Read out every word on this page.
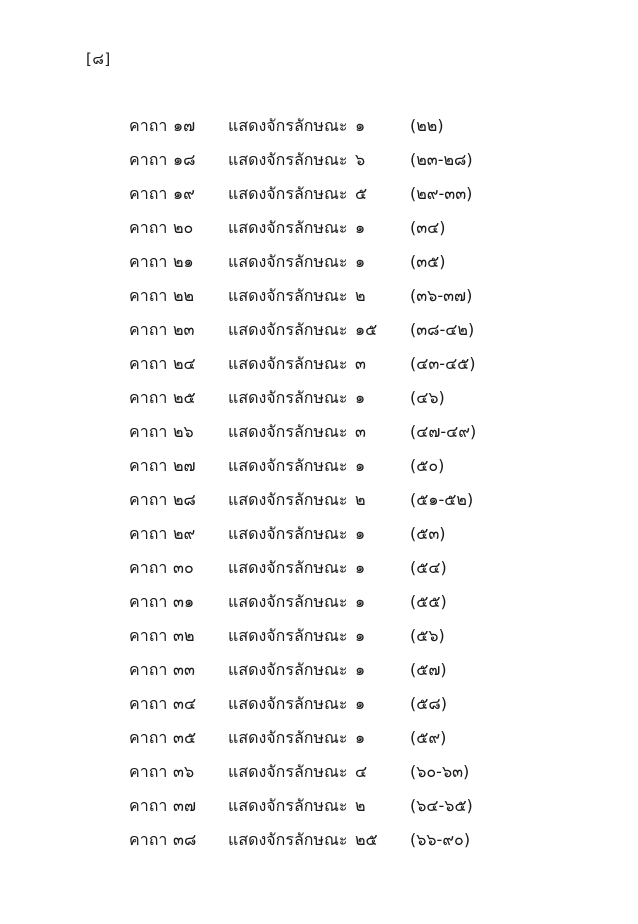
[๘]
คาถา ๑๗ แสดงจักรลักษณะ ๑	(๒๒)
คาถา ๑๘ แสดงจักรลักษณะ ๖	(๒๓-๒๘)
คาถา ๑๙ แสดงจักรลักษณะ ๕	(๒๙-๓๓)
คาถา ๒๐ แสดงจักรลักษณะ ๑	(๓๔)
คาถา ๒๑ แสดงจักรลักษณะ ๑	(๓๕)
คาถา ๒๒ แสดงจักรลักษณะ ๒	(๓๖-๓๗)
คาถา ๒๓ แสดงจักรลักษณะ ๑๕ (๓๘-๔๒)
คาถา ๒๔ แสดงจักรลักษณะ ๓	(๔๓-๔๕)
คาถา ๒๕ แสดงจักรลักษณะ ๑	(๔๖)
คาถา ๒๖ แสดงจักรลักษณะ ๓	(๔๗-๔๙)
คาถา ๒๗ แสดงจักรลักษณะ ๑	(๕๐)
คาถา ๒๘ แสดงจักรลักษณะ ๒	(๕๑-๕๒)
คาถา ๒๙ แสดงจักรลักษณะ ๑	(๕๓)
คาถา ๓๐ แสดงจักรลักษณะ ๑	(๕๔)
คาถา ๓๑ แสดงจักรลักษณะ ๑	(๕๕)
คาถา ๓๒ แสดงจักรลักษณะ ๑	(๕๖)
คาถา ๓๓ แสดงจักรลักษณะ ๑	(๕๗)
คาถา ๓๔ แสดงจักรลักษณะ ๑	(๕๘)
คาถา ๓๕ แสดงจักรลักษณะ ๑	(๕๙)
คาถา ๓๖ แสดงจักรลักษณะ ๔	(๖๐-๖๓)
คาถา ๓๗ แสดงจักรลักษณะ ๒	(๖๔-๖๕)
คาถา ๓๘ แสดงจักรลักษณะ ๒๕ (๖๖-๙๐)
